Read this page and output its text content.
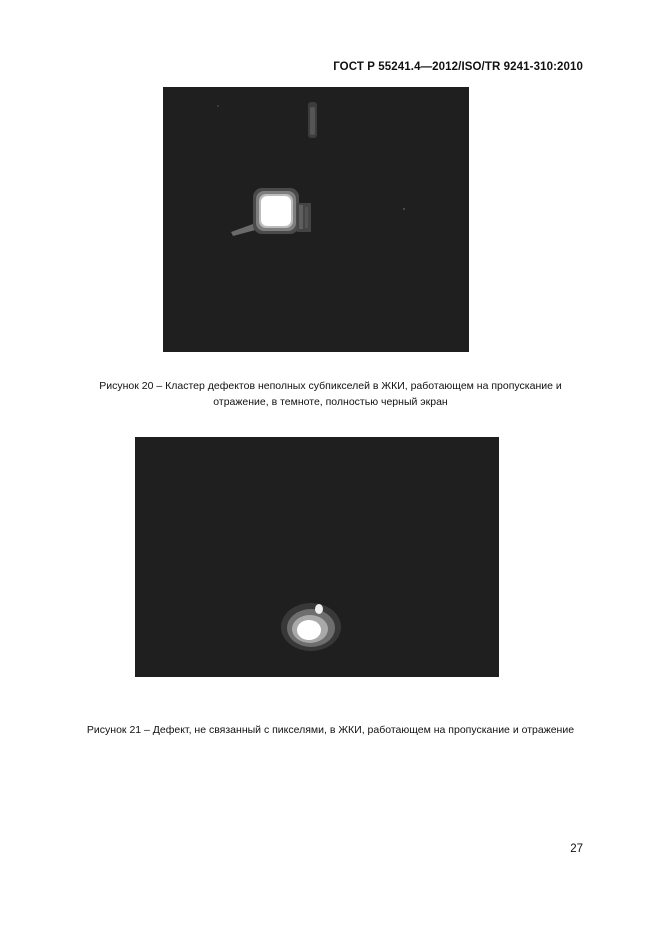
ГОСТ Р 55241.4—2012/ISO/TR 9241-310:2010
Рисунок 20 – Кластер дефектов неполных субпикселей в ЖКИ, работающем на пропускание и
отражение, в темноте, полностью черный экран
Рисунок 21 – Дефект, не связанный с пикселями, в ЖКИ, работающем на пропускание и отражение
27
